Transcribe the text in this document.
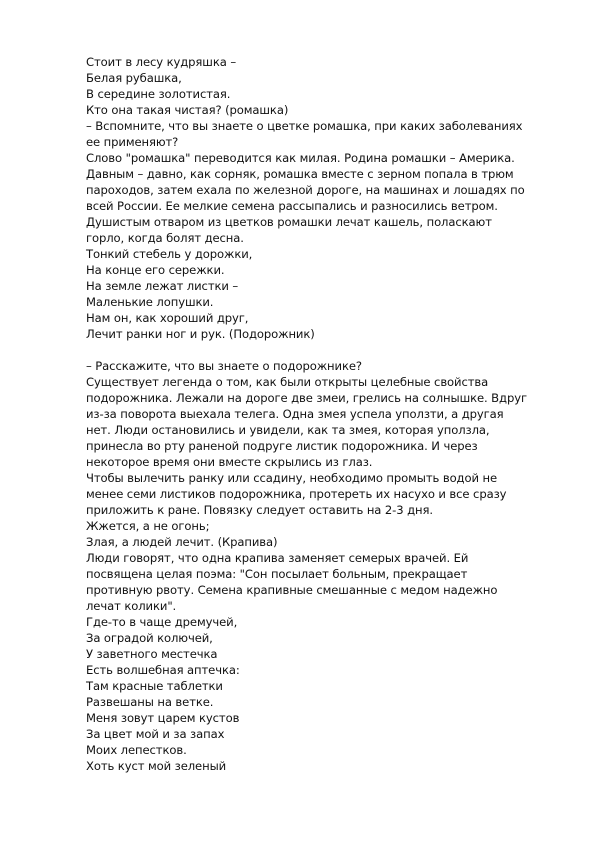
Стоит в лесу кудряшка –
Белая рубашка,
В середине золотистая.
Кто она такая чистая? (ромашка)
– Вспомните, что вы знаете о цветке ромашка, при каких заболеваниях
ее применяют?
Слово "ромашка" переводится как милая. Родина ромашки – Америка.
Давным – давно, как сорняк, ромашка вместе с зерном попала в трюм
пароходов, затем ехала по железной дороге, на машинах и лошадях по
всей России. Ее мелкие семена рассыпались и разносились ветром.
Душистым отваром из цветков ромашки лечат кашель, поласкают
горло, когда болят десна.
Тонкий стебель у дорожки,
На конце его сережки.
На земле лежат листки –
Маленькие лопушки.
Нам он, как хороший друг,
Лечит ранки ног и рук. (Подорожник)
– Расскажите, что вы знаете о подорожнике?
Существует легенда о том, как были открыты целебные свойства
подорожника. Лежали на дороге две змеи, грелись на солнышке. Вдруг
из-за поворота выехала телега. Одна змея успела уползти, а другая
нет. Люди остановились и увидели, как та змея, которая уползла,
принесла во рту раненой подруге листик подорожника. И через
некоторое время они вместе скрылись из глаз.
Чтобы вылечить ранку или ссадину, необходимо промыть водой не
менее семи листиков подорожника, протереть их насухо и все сразу
приложить к ране. Повязку следует оставить на 2-3 дня.
Жжется, а не огонь;
Злая, а людей лечит. (Крапива)
Люди говорят, что одна крапива заменяет семерых врачей. Ей
посвящена целая поэма: "Сон посылает больным, прекращает
противную рвоту. Семена крапивные смешанные с медом надежно
лечат колики".
Где-то в чаще дремучей,
За оградой колючей,
У заветного местечка
Есть волшебная аптечка:
Там красные таблетки
Развешаны на ветке.
Меня зовут царем кустов
За цвет мой и за запах
Моих лепестков.
Хоть куст мой зеленый
